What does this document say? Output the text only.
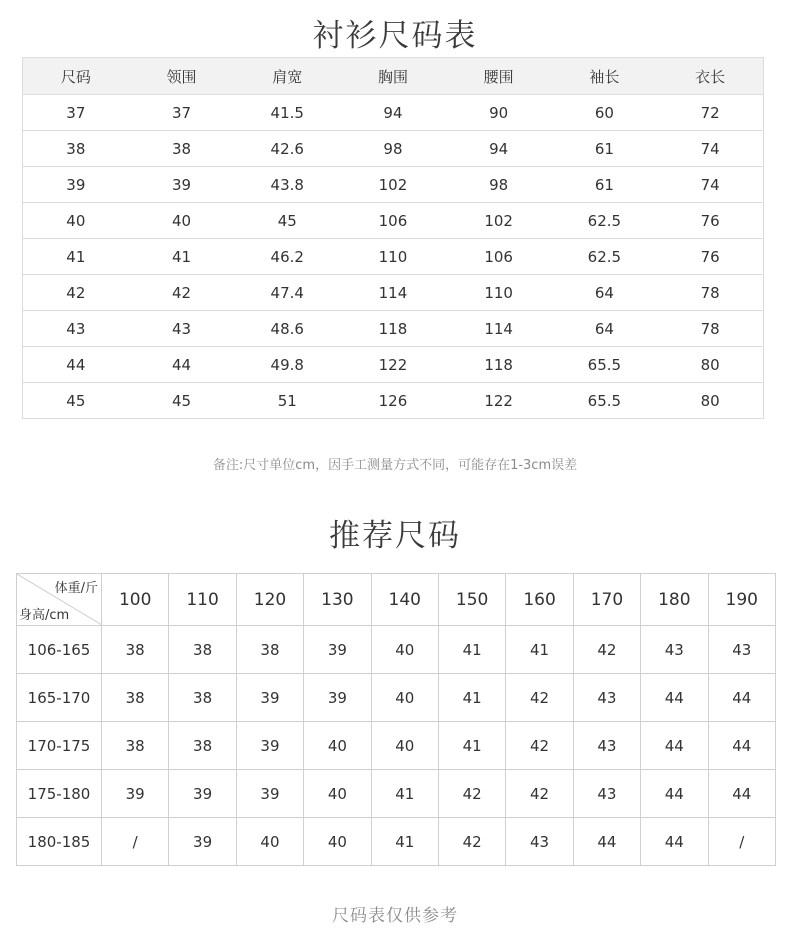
衬衫尺码表
尺码	领围	肩宽	胸围	腰围	袖长	衣长
37	37	41.5	94	90	60	72
38	38	42.6	98	94	61	74
39	39	43.8	102	98	61	74
40	40	45	106	102	62.5	76
41	41	46.2	110	106	62.5	76
42	42	47.4	114	110	64	78
43	43	48.6	118	114	64	78
44	44	49.8	122	118	65.5	80
45	45	51	126	122	65.5	80
备注:尺寸单位cm，因手工测量方式不同，可能存在1-3cm误差
推荐尺码
体重/斤
身高/cm	100	110	120	130	140	150	160	170	180	190
106-165	38	38	38	39	40	41	41	42	43	43
165-170	38	38	39	39	40	41	42	43	44	44
170-175	38	38	39	40	40	41	42	43	44	44
175-180	39	39	39	40	41	42	42	43	44	44
180-185	/	39	40	40	41	42	43	44	44	/
尺码表仅供参考
